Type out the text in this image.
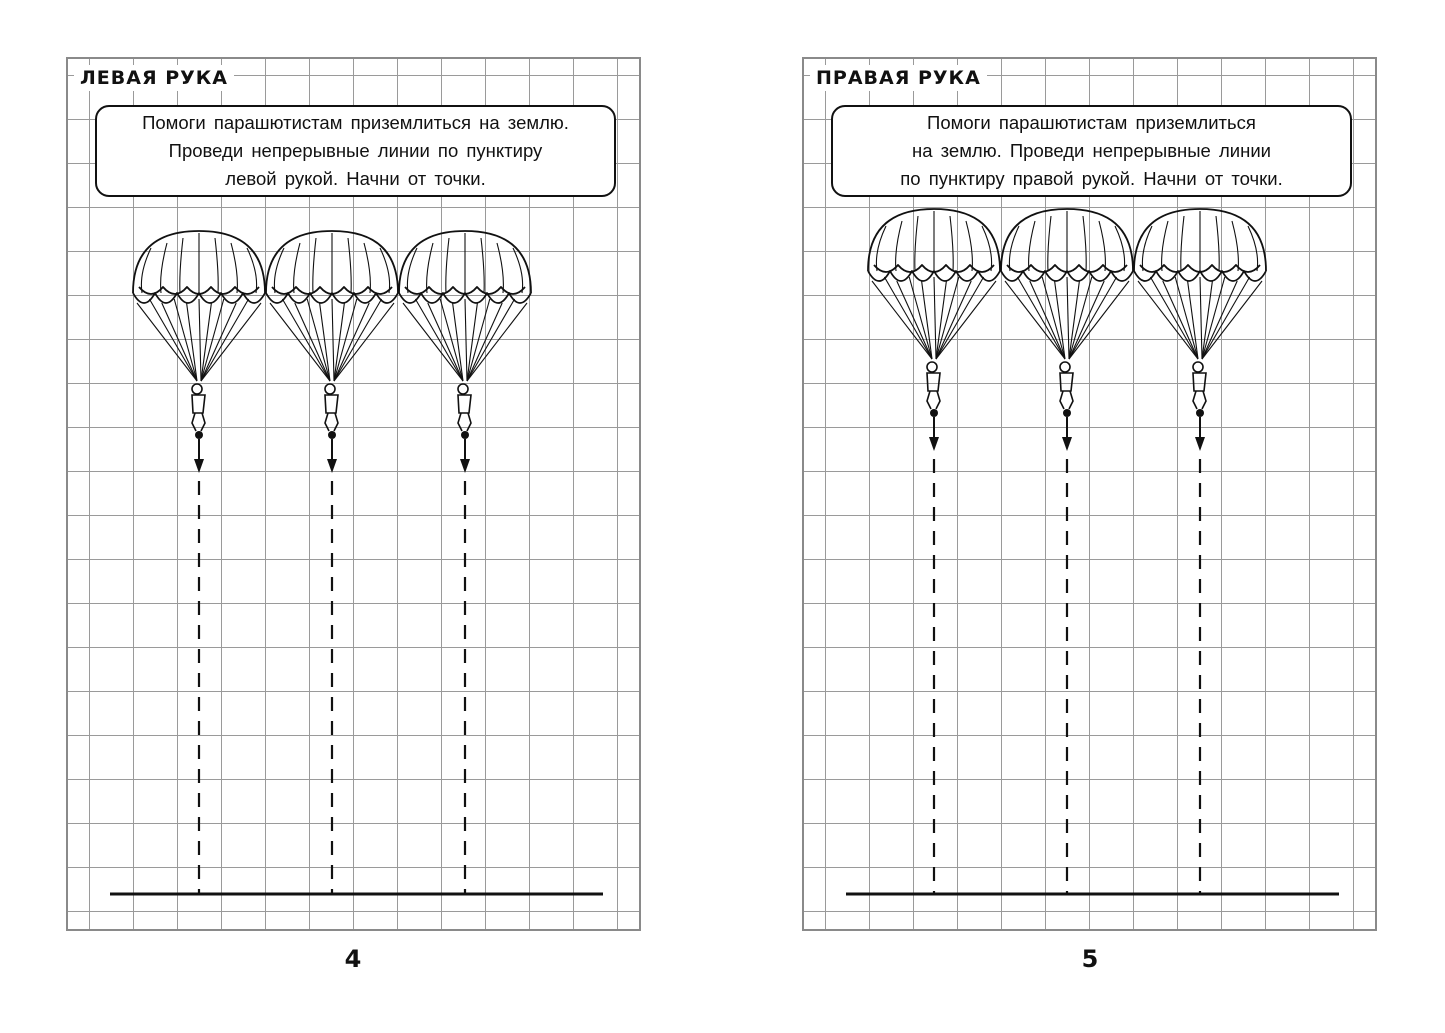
ЛЕВАЯ РУКА
Помоги парашютистам приземлиться на землю.
Проведи непрерывные линии по пунктиру
левой рукой. Начни от точки.
ПРАВАЯ РУКА
Помоги парашютистам приземлиться
на землю. Проведи непрерывные линии
по пунктиру правой рукой. Начни от точки.
4	5
